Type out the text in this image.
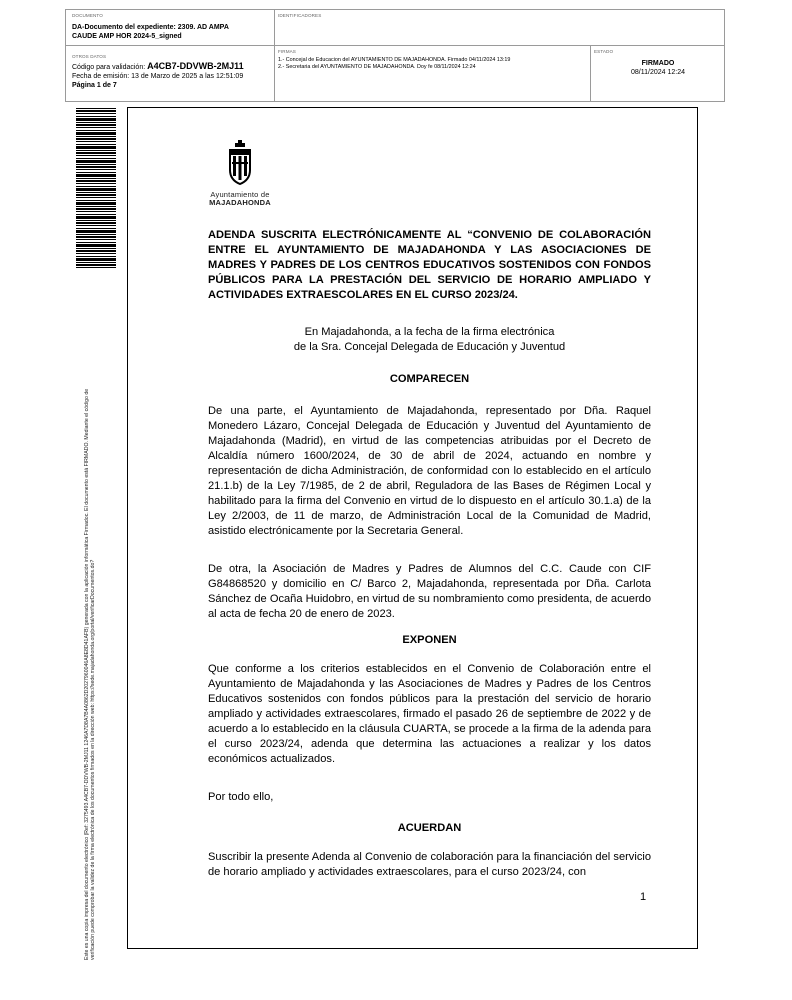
DOCUMENTO
DA-Documento del expediente: 2309. AD AMPA
CAUDE AMP HOR 2024-5_signed
IDENTIFICADORES
OTROS DATOS
Código para validación: A4CB7-DDVWB-2MJ11
Fecha de emisión: 13 de Marzo de 2025 a las 12:51:09
Página 1 de 7
FIRMAS
1.- Concejal de Educacion del AYUNTAMIENTO DE MAJADAHONDA. Firmado 04/11/2024 13:19
2.- Secretaria del AYUNTAMIENTO DE MAJADAHONDA. Doy fe 08/11/2024 12:24
ESTADO
FIRMADO
08/11/2024 12:24
Este es una copia impresa del documento electrónico (Ref: 3275493 A4CB7-DDVWB-2MJ11 1246A7D8A7B4A0862D2027960046A8E8D41AFB) generada con la aplicación informática Firmadoc. El documento está FIRMADO. Mediante el código de verificación puede comprobar la validez de la firma electrónica de los documentos firmados en la dirección web: https://sede.majadahonda.org/portal/verificarDocumentos.do?
Ayuntamiento de
MAJADAHONDA
ADENDA SUSCRITA ELECTRÓNICAMENTE AL “CONVENIO DE COLABORACIÓN ENTRE EL AYUNTAMIENTO DE MAJADAHONDA Y LAS ASOCIACIONES DE MADRES Y PADRES DE LOS CENTROS EDUCATIVOS SOSTENIDOS CON FONDOS PÚBLICOS PARA LA PRESTACIÓN DEL SERVICIO DE HORARIO AMPLIADO Y ACTIVIDADES EXTRAESCOLARES EN EL CURSO 2023/24.
En Majadahonda, a la fecha de la firma electrónica
de la Sra. Concejal Delegada de Educación y Juventud
COMPARECEN
De una parte, el Ayuntamiento de Majadahonda, representado por Dña. Raquel Monedero Lázaro, Concejal Delegada de Educación y Juventud del Ayuntamiento de Majadahonda (Madrid), en virtud de las competencias atribuidas por el Decreto de Alcaldía número 1600/2024, de 30 de abril de 2024, actuando en nombre y representación de dicha Administración, de conformidad con lo establecido en el artículo 21.1.b) de la Ley 7/1985, de 2 de abril, Reguladora de las Bases de Régimen Local y habilitado para la firma del Convenio en virtud de lo dispuesto en el artículo 30.1.a) de la Ley 2/2003, de 11 de marzo, de Administración Local de la Comunidad de Madrid, asistido electrónicamente por la Secretaria General.
De otra, la Asociación de Madres y Padres de Alumnos del C.C. Caude con CIF G84868520 y domicilio en C/ Barco 2, Majadahonda, representada por Dña. Carlota Sánchez de Ocaña Huidobro, en virtud de su nombramiento como presidenta, de acuerdo al acta de fecha 20 de enero de 2023.
EXPONEN
Que conforme a los criterios establecidos en el Convenio de Colaboración entre el Ayuntamiento de Majadahonda y las Asociaciones de Madres y Padres de los Centros Educativos sostenidos con fondos públicos para la prestación del servicio de horario ampliado y actividades extraescolares, firmado el pasado 26 de septiembre de 2022 y de acuerdo a lo establecido en la cláusula CUARTA, se procede a la firma de la adenda para el curso 2023/24, adenda que determina las actuaciones a realizar y los datos económicos actualizados.
Por todo ello,
ACUERDAN
Suscribir la presente Adenda al Convenio de colaboración para la financiación del servicio de horario ampliado y actividades extraescolares, para el curso 2023/24, con
1
